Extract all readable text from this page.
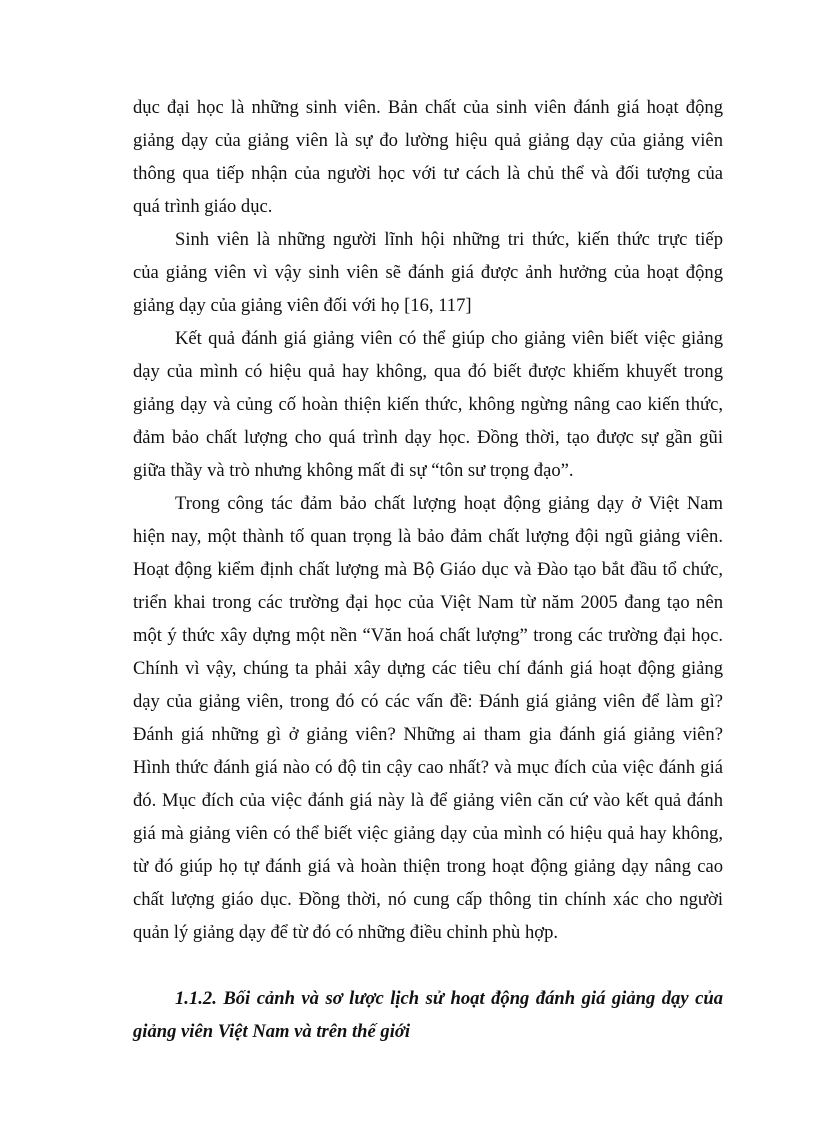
dục đại học là những sinh viên. Bản chất của sinh viên đánh giá hoạt động
giảng dạy của giảng viên là sự đo lường hiệu quả giảng dạy của giảng viên
thông qua tiếp nhận của người học với tư cách là chủ thể và đối tượng của
quá trình giáo dục.
Sinh viên là những người lĩnh hội những tri thức, kiến thức trực tiếp
của giảng viên vì vậy sinh viên sẽ đánh giá được ảnh hưởng của hoạt động
giảng dạy của giảng viên đối với họ [16, 117]
Kết quả đánh giá giảng viên có thể giúp cho giảng viên biết việc giảng
dạy của mình có hiệu quả hay không, qua đó biết được khiếm khuyết trong
giảng dạy và củng cố hoàn thiện kiến thức, không ngừng nâng cao kiến thức,
đảm bảo chất lượng cho quá trình dạy học. Đồng thời, tạo được sự gần gũi
giữa thầy và trò nhưng không mất đi sự “tôn sư trọng đạo”.
Trong công tác đảm bảo chất lượng hoạt động giảng dạy ở Việt Nam
hiện nay, một thành tố quan trọng là bảo đảm chất lượng đội ngũ giảng viên.
Hoạt động kiểm định chất lượng mà Bộ Giáo dục và Đào tạo bắt đầu tổ chức,
triển khai trong các trường đại học của Việt Nam từ năm 2005 đang tạo nên
một ý thức xây dựng một nền “Văn hoá chất lượng” trong các trường đại học.
Chính vì vậy, chúng ta phải xây dựng các tiêu chí đánh giá hoạt động giảng
dạy của giảng viên, trong đó có các vấn đề: Đánh giá giảng viên để làm gì?
Đánh giá những gì ở giảng viên? Những ai tham gia đánh giá giảng viên?
Hình thức đánh giá nào có độ tin cậy cao nhất? và mục đích của việc đánh giá
đó. Mục đích của việc đánh giá này là để giảng viên căn cứ vào kết quả đánh
giá mà giảng viên có thể biết việc giảng dạy của mình có hiệu quả hay không,
từ đó giúp họ tự đánh giá và hoàn thiện trong hoạt động giảng dạy nâng cao
chất lượng giáo dục. Đồng thời, nó cung cấp thông tin chính xác cho người
quản lý giảng dạy để từ đó có những điều chỉnh phù hợp.
1.1.2. Bối cảnh và sơ lược lịch sử hoạt động đánh giá giảng dạy của
giảng viên Việt Nam và trên thế giới
